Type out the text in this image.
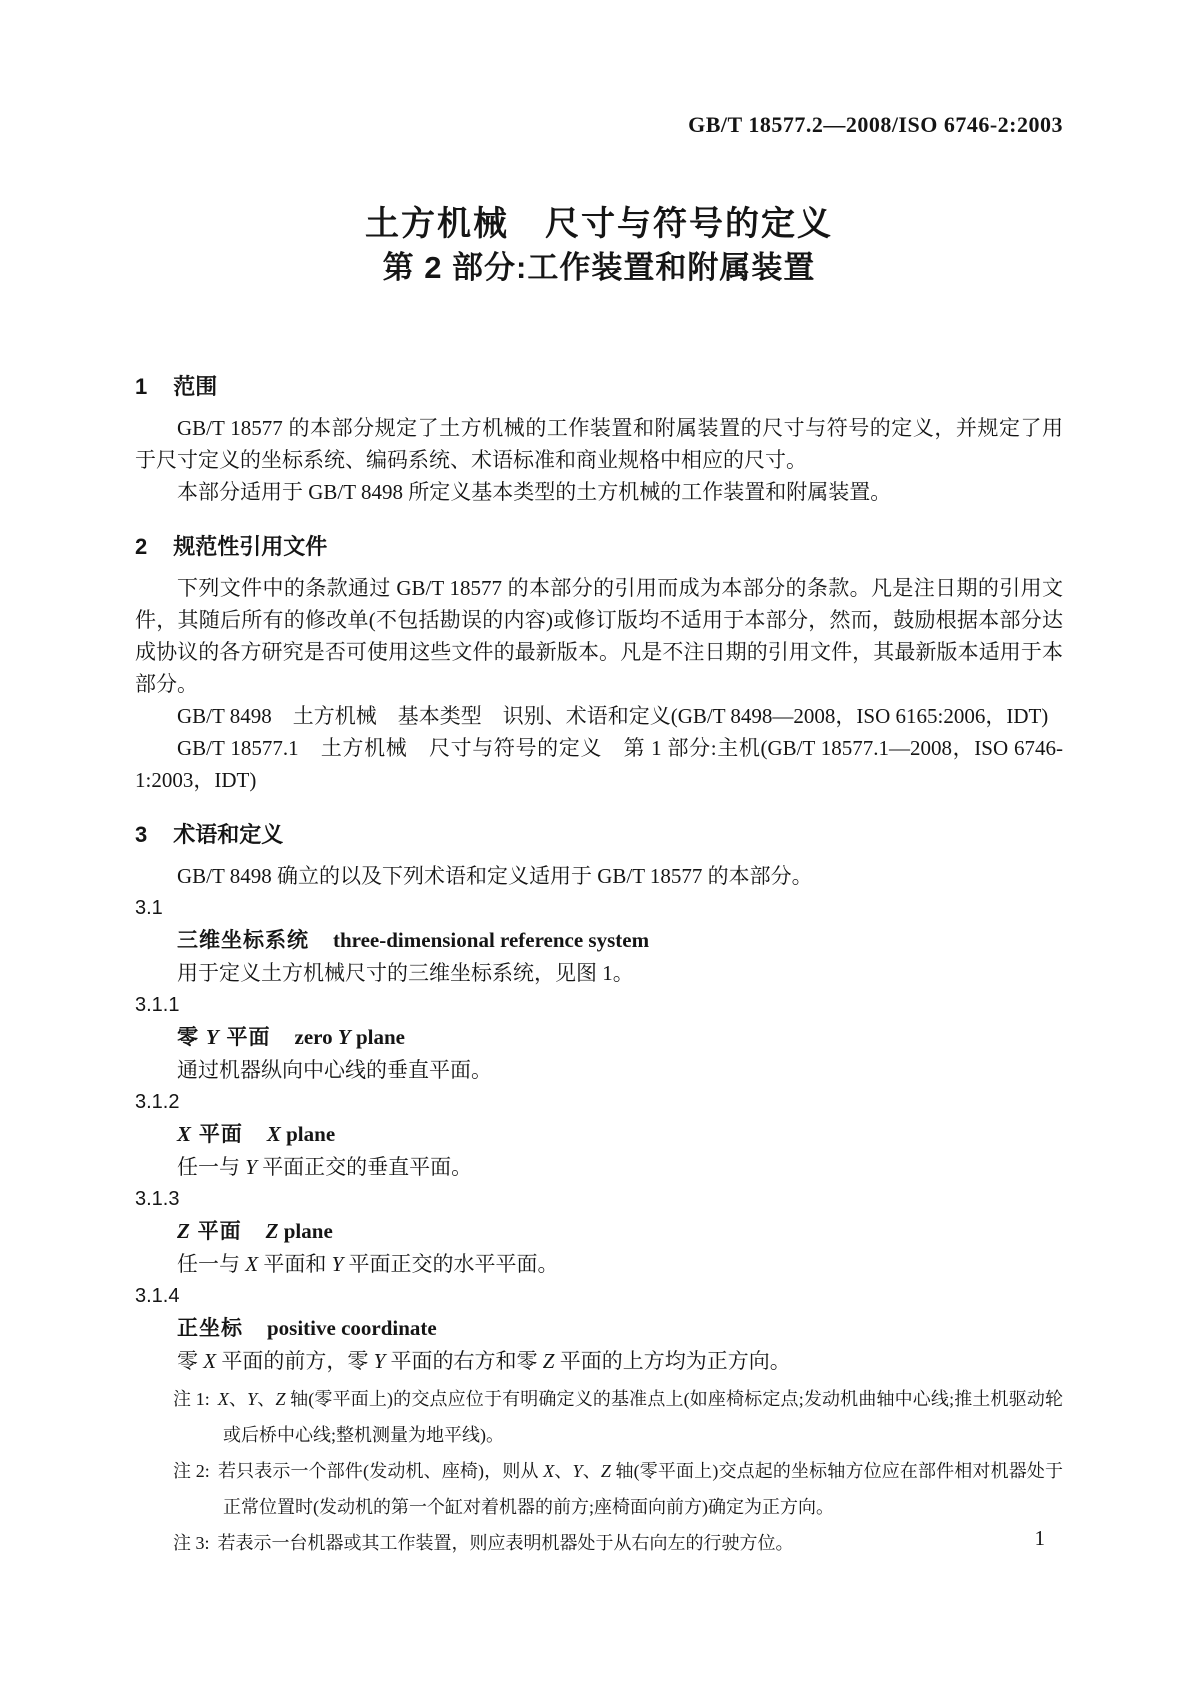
GB/T 18577.2—2008/ISO 6746-2:2003
土方机械　尺寸与符号的定义
第 2 部分:工作装置和附属装置
1 范围

GB/T 18577 的本部分规定了土方机械的工作装置和附属装置的尺寸与符号的定义，并规定了用于尺寸定义的坐标系统、编码系统、术语标准和商业规格中相应的尺寸。

本部分适用于 GB/T 8498 所定义基本类型的土方机械的工作装置和附属装置。

2 规范性引用文件

下列文件中的条款通过 GB/T 18577 的本部分的引用而成为本部分的条款。凡是注日期的引用文件，其随后所有的修改单(不包括勘误的内容)或修订版均不适用于本部分，然而，鼓励根据本部分达成协议的各方研究是否可使用这些文件的最新版本。凡是不注日期的引用文件，其最新版本适用于本部分。

GB/T 8498　土方机械　基本类型　识别、术语和定义(GB/T 8498—2008，ISO 6165:2006，IDT)

GB/T 18577.1　土方机械　尺寸与符号的定义　第 1 部分:主机(GB/T 18577.1—2008，ISO 6746-1:2003，IDT)

3 术语和定义

GB/T 8498 确立的以及下列术语和定义适用于 GB/T 18577 的本部分。

3.1
三维坐标系统 three-dimensional reference system
用于定义土方机械尺寸的三维坐标系统，见图 1。
3.1.1
零 Y 平面 zero Y plane
通过机器纵向中心线的垂直平面。
3.1.2
X 平面 X plane
任一与 Y 平面正交的垂直平面。
3.1.3
Z 平面 Z plane
任一与 X 平面和 Y 平面正交的水平平面。
3.1.4
正坐标 positive coordinate
零 X 平面的前方，零 Y 平面的右方和零 Z 平面的上方均为正方向。
注 1: X、Y、Z 轴(零平面上)的交点应位于有明确定义的基准点上(如座椅标定点;发动机曲轴中心线;推土机驱动轮或后桥中心线;整机测量为地平线)。
注 2: 若只表示一个部件(发动机、座椅)，则从 X、Y、Z 轴(零平面上)交点起的坐标轴方位应在部件相对机器处于正常位置时(发动机的第一个缸对着机器的前方;座椅面向前方)确定为正方向。
注 3: 若表示一台机器或其工作装置，则应表明机器处于从右向左的行驶方位。	1
